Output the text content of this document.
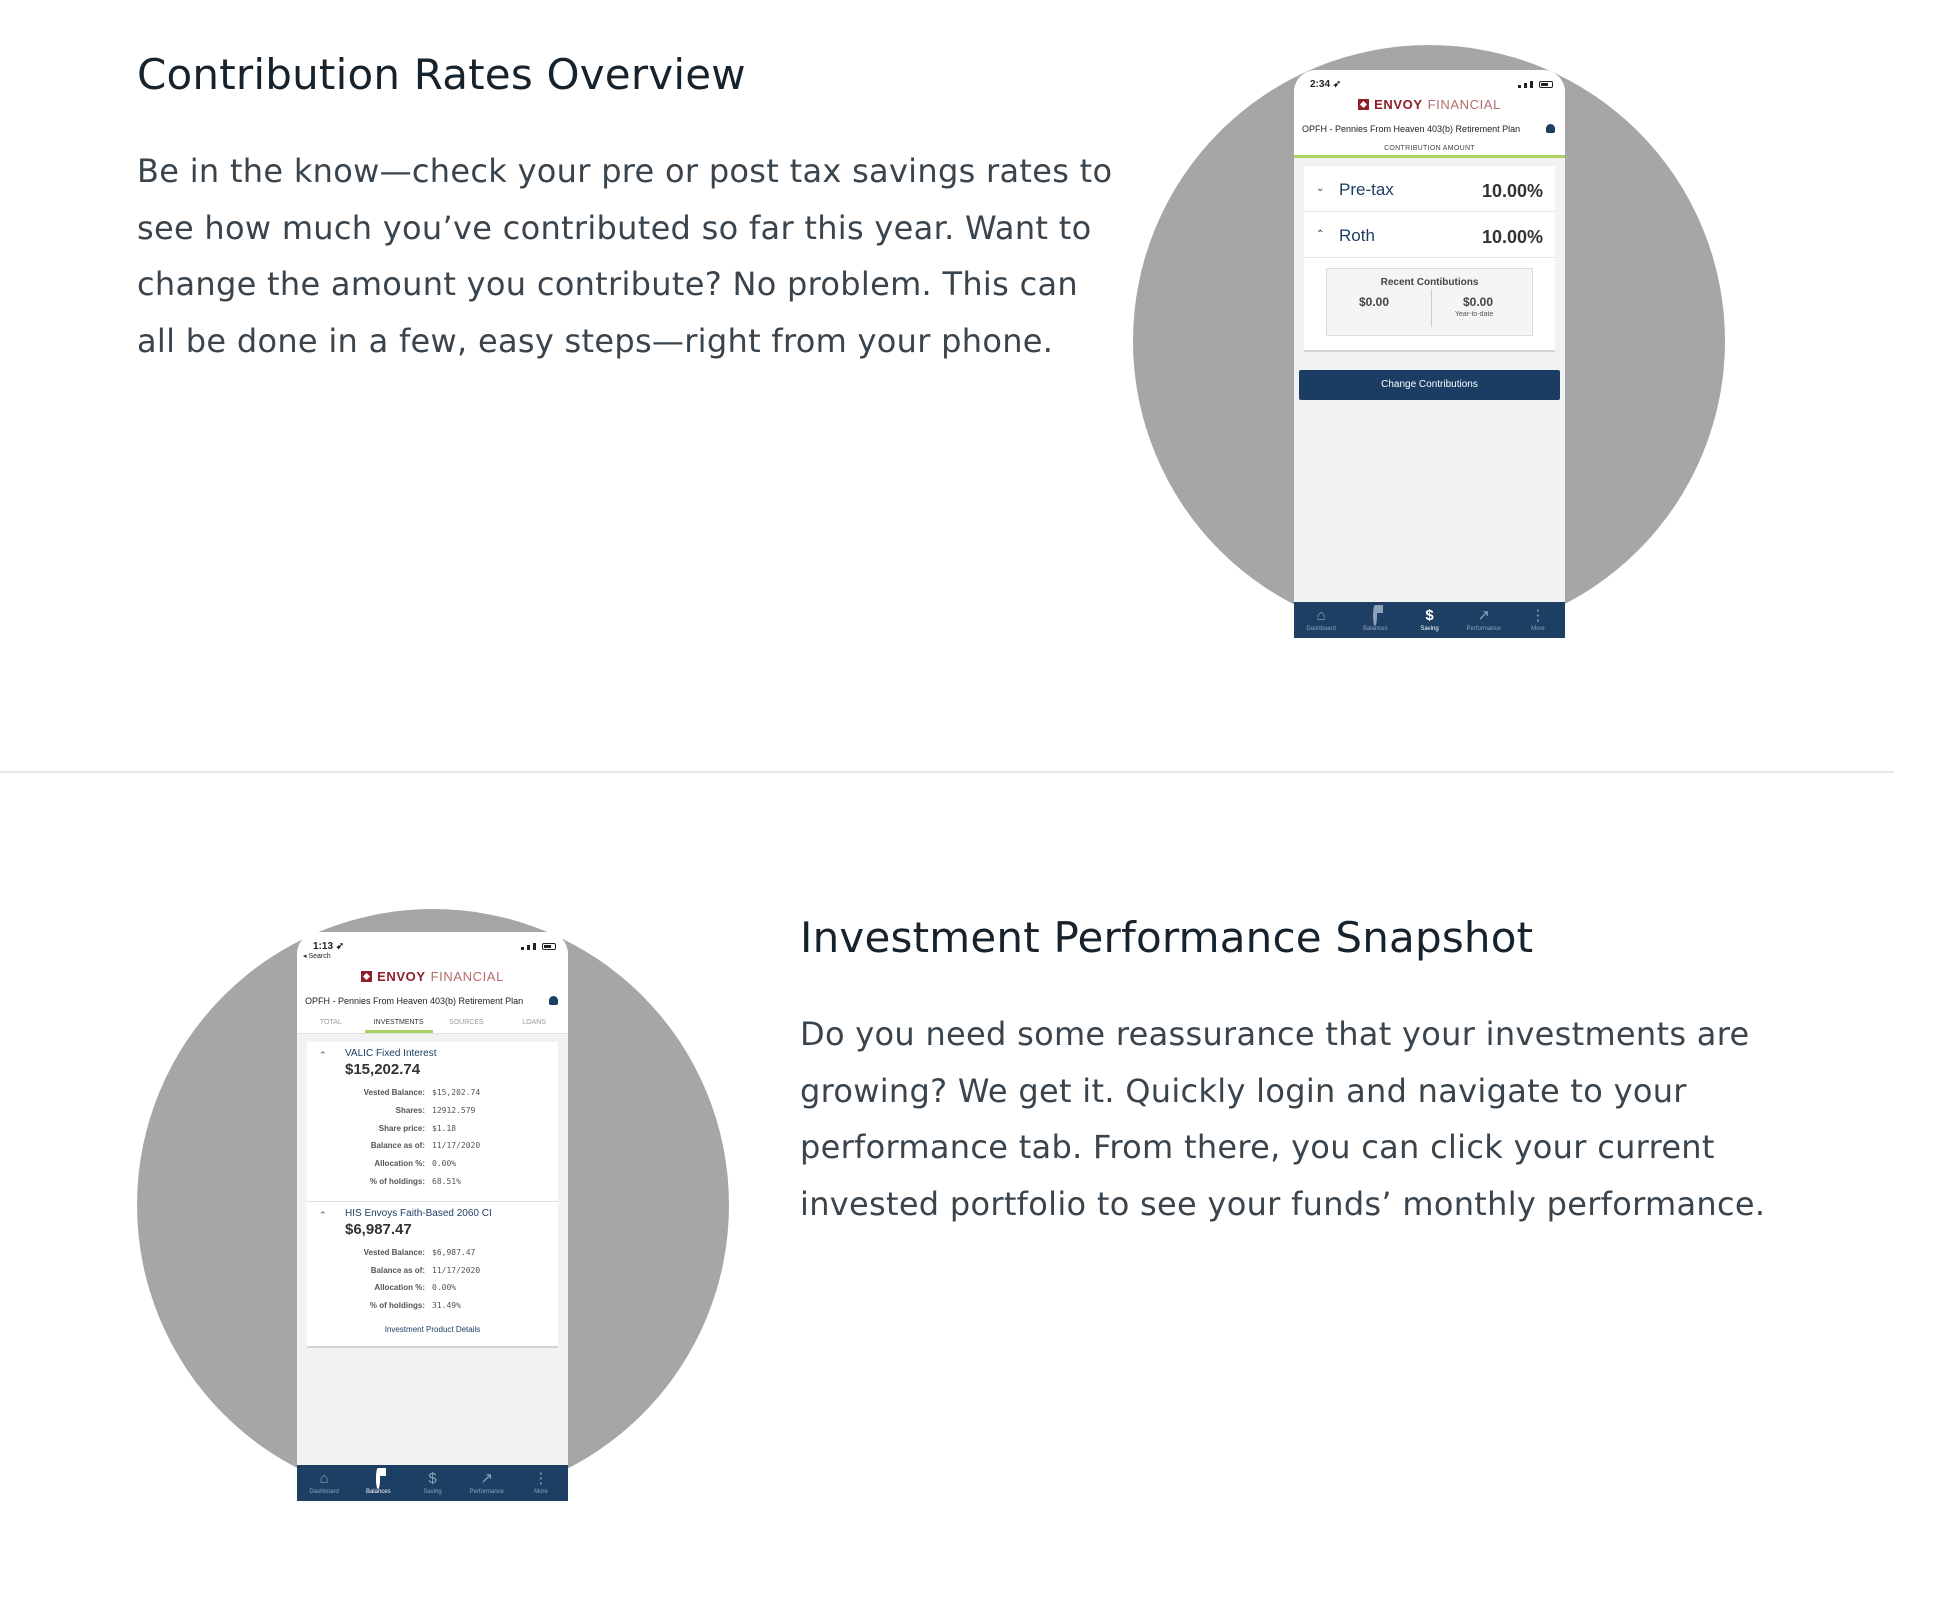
Contribution Rates Overview

Be in the know—check your pre or post tax savings rates to

see how much you’ve contributed so far this year. Want to

change the amount you contribute? No problem. This can

all be done in a few, easy steps—right from your phone.

2:34 ➶
ENVOY FINANCIAL
OPFH - Pennies From Heaven 403(b) Retirement Plan
CONTRIBUTION AMOUNT
⌄ Pre-tax	10.00%
⌃ Roth	10.00%
Recent Contibutions
$0.00	$0.00
Year-to-date
Change Contributions
⌂
Dashboard	Balances
$
Saving
↗
Performance
⋮
More
1:13 ➶
◂ Search
ENVOY FINANCIAL
OPFH - Pennies From Heaven 403(b) Retirement Plan
TOTAL	INVESTMENTS	SOURCES	LOANS
⌃	VALIC Fixed Interest
$15,202.74
Vested Balance: $15,202.74
Shares: 12912.579
Share price: $1.18
Balance as of: 11/17/2020
Allocation %: 0.00%
% of holdings: 68.51%
⌃	HIS Envoys Faith-Based 2060 CI
$6,987.47
Vested Balance: $6,987.47
Balance as of: 11/17/2020
Allocation %: 0.00%
% of holdings: 31.49%
Investment Product Details
⌂
Dashboard	Balances
$
Saving
↗
Performance
⋮
More
Investment Performance Snapshot

Do you need some reassurance that your investments are

growing? We get it. Quickly login and navigate to your

performance tab. From there, you can click your current

invested portfolio to see your funds’ monthly performance.
